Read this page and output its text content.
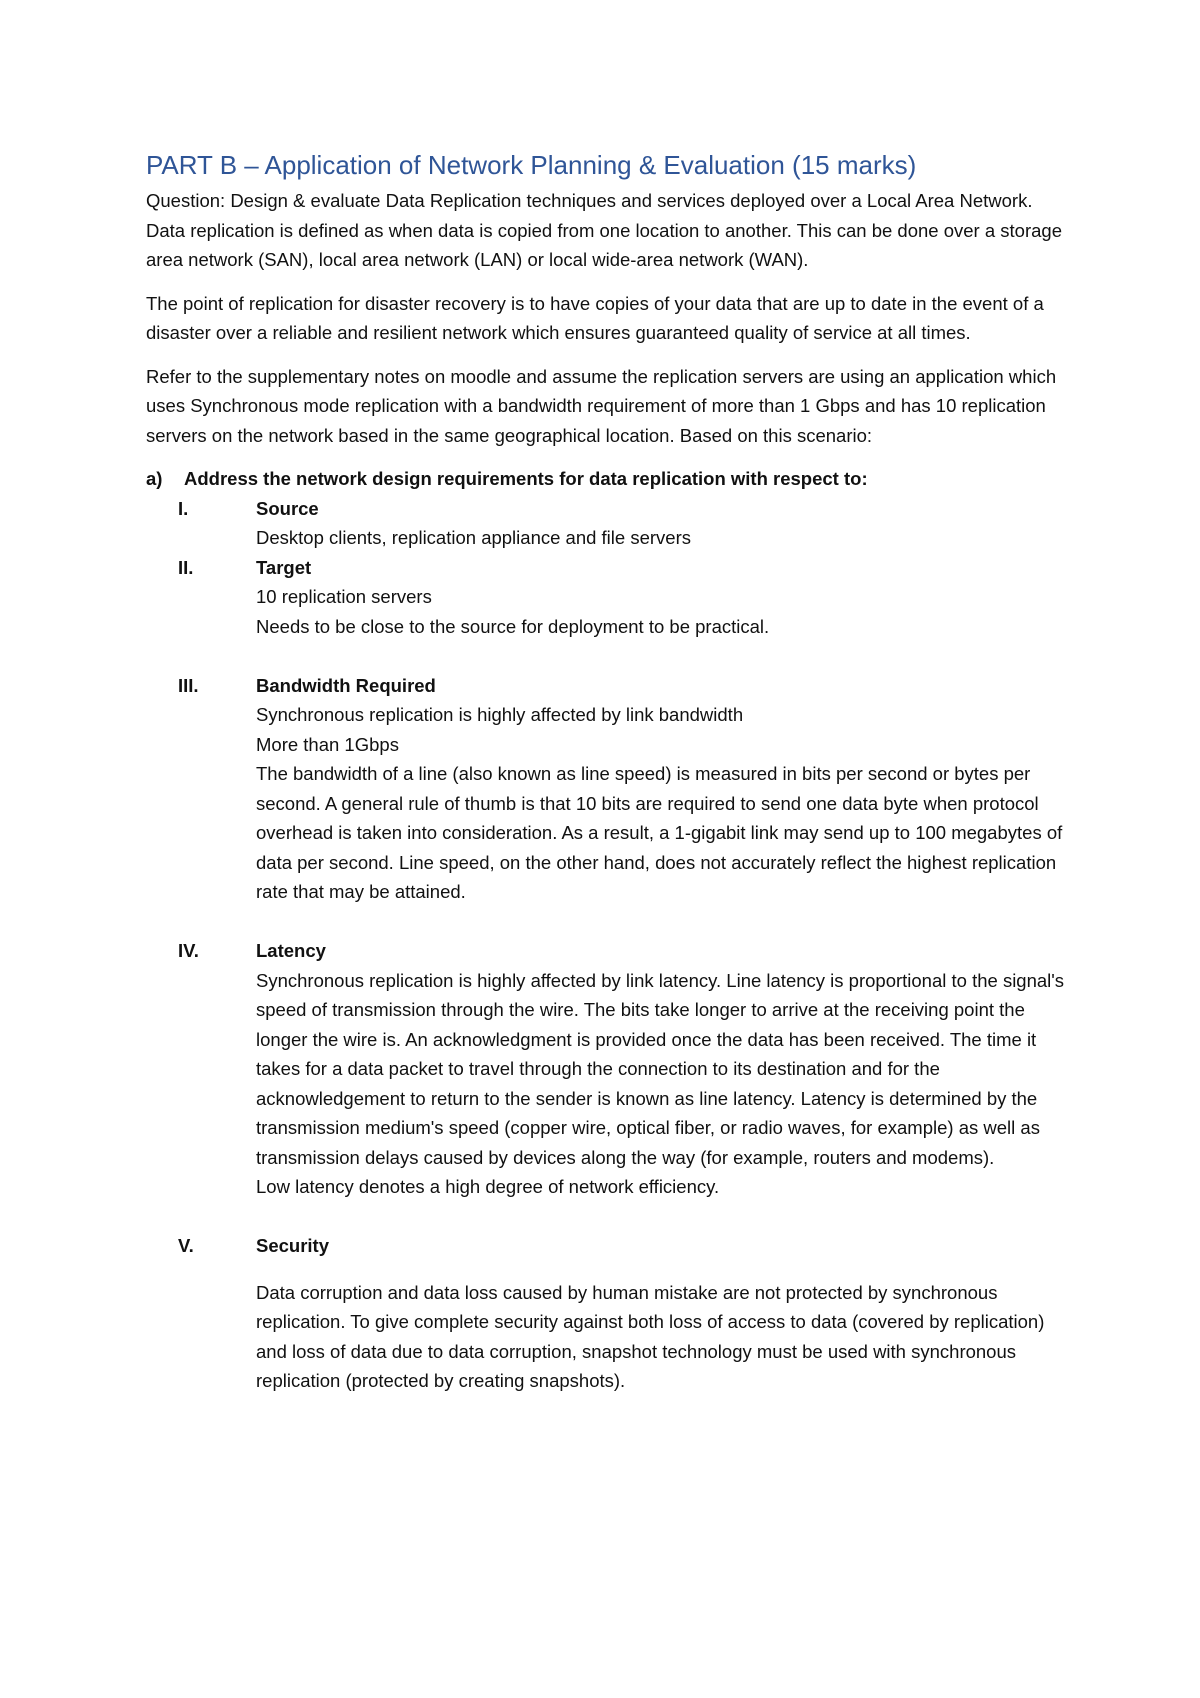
PART B – Application of Network Planning & Evaluation (15 marks)

Question: Design & evaluate Data Replication techniques and services deployed over a Local Area Network. Data replication is defined as when data is copied from one location to another. This can be done over a storage area network (SAN), local area network (LAN) or local wide-area network (WAN).

The point of replication for disaster recovery is to have copies of your data that are up to date in the event of a disaster over a reliable and resilient network which ensures guaranteed quality of service at all times.

Refer to the supplementary notes on moodle and assume the replication servers are using an application which uses Synchronous mode replication with a bandwidth requirement of more than 1 Gbps and has 10 replication servers on the network based in the same geographical location. Based on this scenario:

a) Address the network design requirements for data replication with respect to:
I.	Source
Desktop clients, replication appliance and file servers
II.	Target
10 replication servers
Needs to be close to the source for deployment to be practical.
III.	Bandwidth Required
Synchronous replication is highly affected by link bandwidth
More than 1Gbps
The bandwidth of a line (also known as line speed) is measured in bits per second or bytes per second. A general rule of thumb is that 10 bits are required to send one data byte when protocol overhead is taken into consideration. As a result, a 1-gigabit link may send up to 100 megabytes of data per second. Line speed, on the other hand, does not accurately reflect the highest replication rate that may be attained.
IV.	Latency
Synchronous replication is highly affected by link latency. Line latency is proportional to the signal's speed of transmission through the wire. The bits take longer to arrive at the receiving point the longer the wire is. An acknowledgment is provided once the data has been received. The time it takes for a data packet to travel through the connection to its destination and for the acknowledgement to return to the sender is known as line latency. Latency is determined by the transmission medium's speed (copper wire, optical fiber, or radio waves, for example) as well as transmission delays caused by devices along the way (for example, routers and modems).
Low latency denotes a high degree of network efficiency.
V.	Security
Data corruption and data loss caused by human mistake are not protected by synchronous replication. To give complete security against both loss of access to data (covered by replication) and loss of data due to data corruption, snapshot technology must be used with synchronous replication (protected by creating snapshots).
